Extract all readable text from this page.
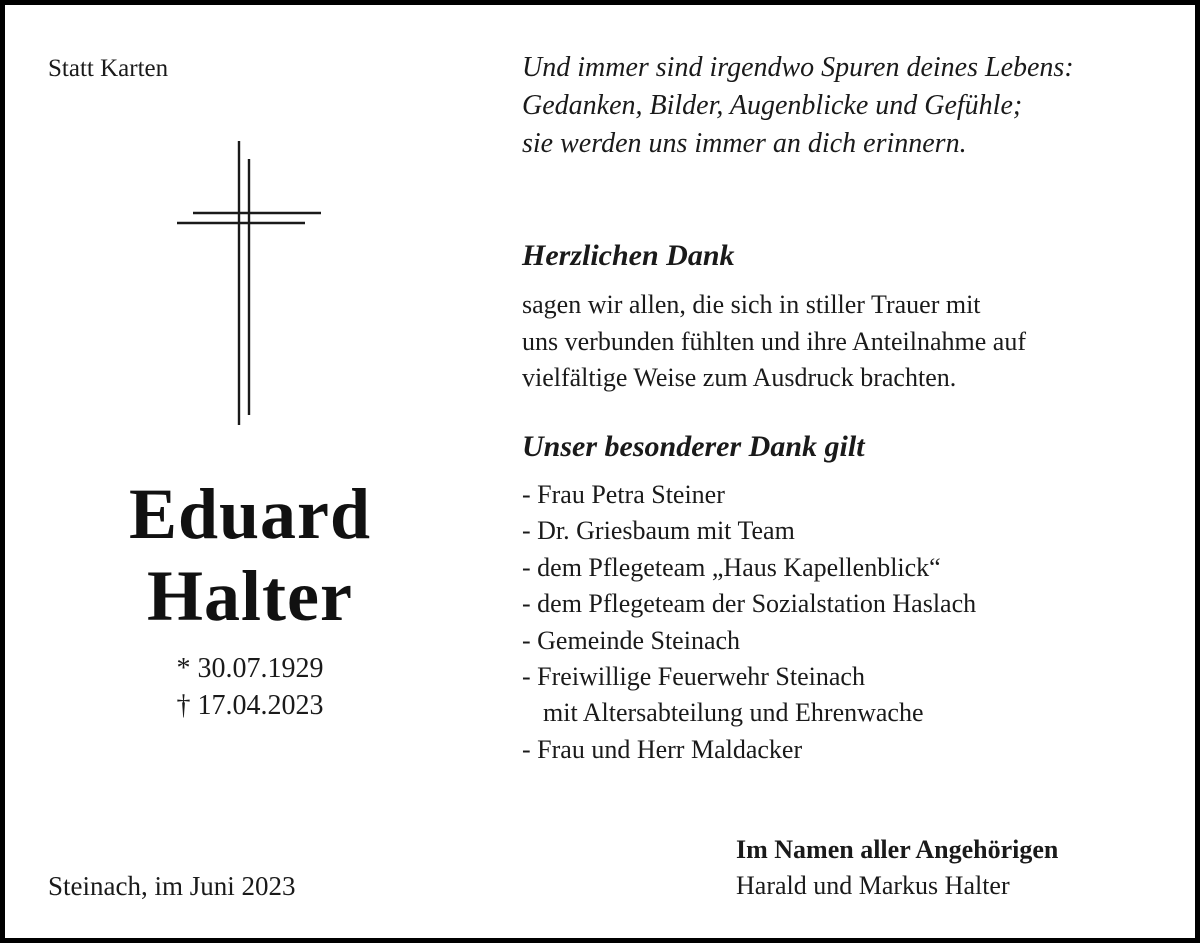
Statt Karten
Eduard
Halter
* 30.07.1929
† 17.04.2023
Steinach, im Juni 2023
Und immer sind irgendwo Spuren deines Lebens:
Gedanken, Bilder, Augenblicke und Gefühle;
sie werden uns immer an dich erinnern.
Herzlichen Dank
sagen wir allen, die sich in stiller Trauer mit
uns verbunden fühlten und ihre Anteilnahme auf
vielfältige Weise zum Ausdruck brachten.
Unser besonderer Dank gilt
- Frau Petra Steiner
- Dr. Griesbaum mit Team
- dem Pflegeteam „Haus Kapellenblick“
- dem Pflegeteam der Sozialstation Haslach
- Gemeinde Steinach
- Freiwillige Feuerwehr Steinach
mit Altersabteilung und Ehrenwache
- Frau und Herr Maldacker
Im Namen aller Angehörigen
Harald und Markus Halter
